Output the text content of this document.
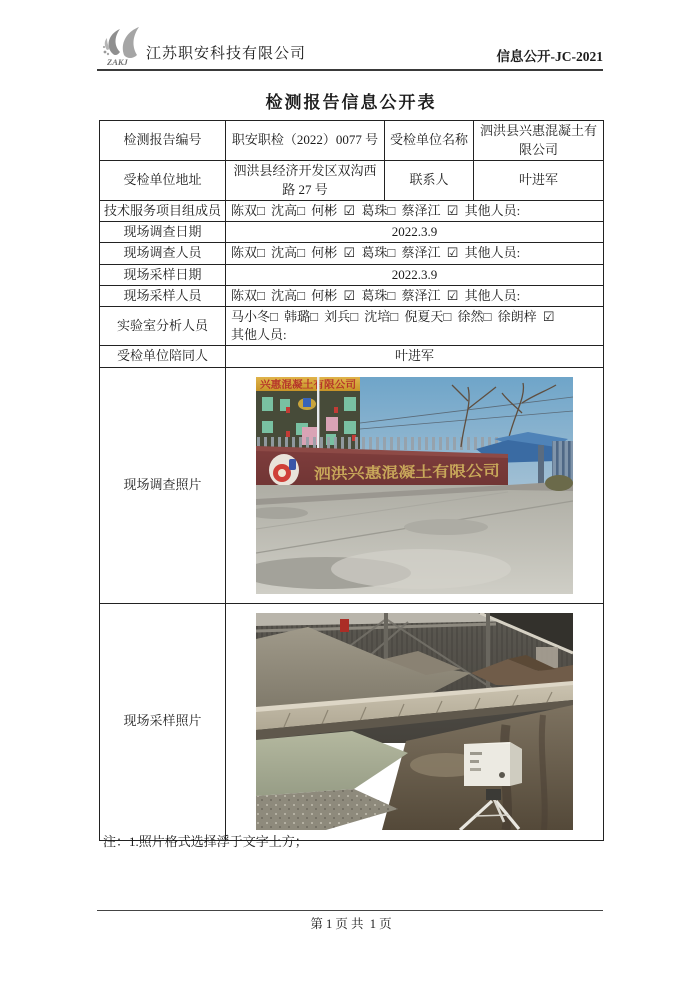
ZAKJ 江苏职安科技有限公司	信息公开-JC-2021
检测报告信息公开表
检测报告编号	职安职检（2022）0077 号	受检单位名称	泗洪县兴惠混凝土有限公司
受检单位地址	泗洪县经济开发区双沟西路 27 号	联系人	叶进军
技术服务项目组成员	陈双□ 沈高□ 何彬 ☑ 葛珠□ 蔡泽江 ☑ 其他人员:		
现场调查日期	2022.3.9		
现场调查人员	陈双□ 沈高□ 何彬 ☑ 葛珠□ 蔡泽江 ☑ 其他人员:		
现场采样日期	2022.3.9		
现场采样人员	陈双□ 沈高□ 何彬 ☑ 葛珠□ 蔡泽江 ☑ 其他人员:		
实验室分析人员	马小冬□ 韩璐□ 刘兵□ 沈培□ 倪夏天□ 徐然□ 徐朗梓 ☑
其他人员:		
受检单位陪同人	叶进军		
现场调查照片	兴惠混凝土有限公司
泗洪兴惠混凝土有限公司		

现场采样照片	
注：1.照片格式选择浮于文字上方；
第 1 页 共  1 页
